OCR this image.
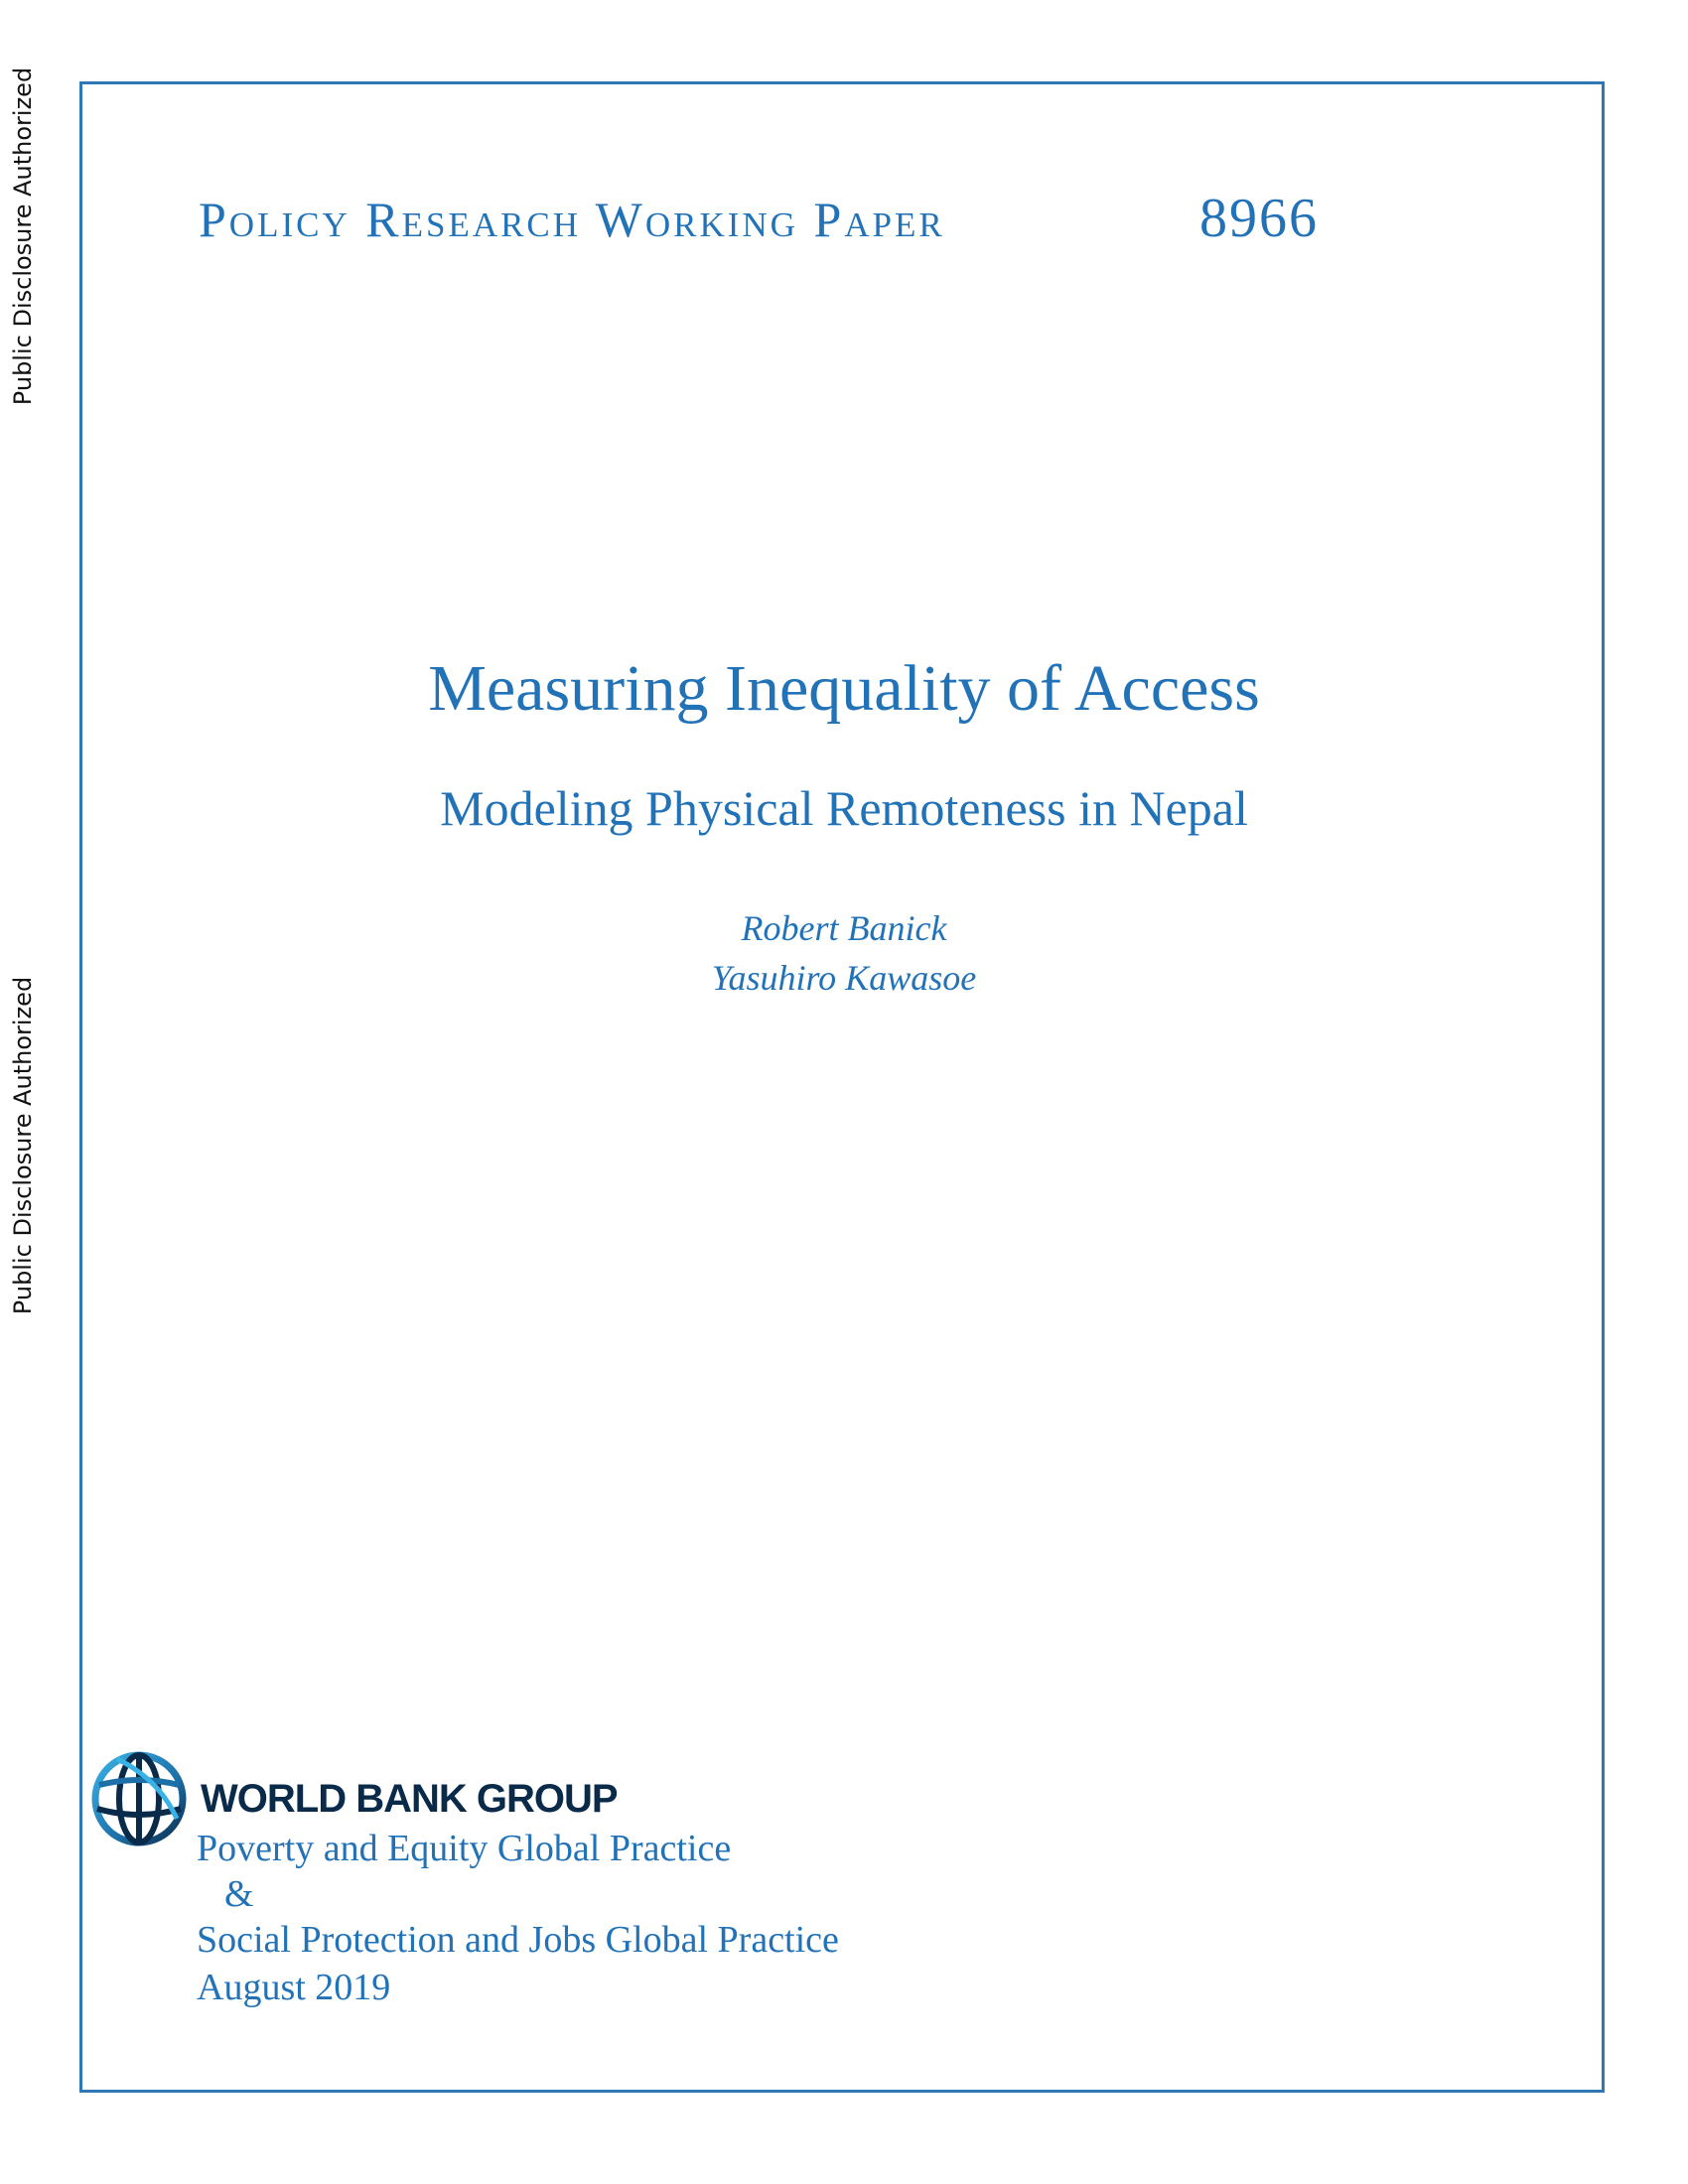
Public Disclosure Authorized
Public Disclosure Authorized
Policy Research Working Paper	8966
Measuring Inequality of Access
Modeling Physical Remoteness in Nepal
Robert Banick
Yasuhiro Kawasoe
WORLD BANK GROUP
Poverty and Equity Global Practice
&
Social Protection and Jobs Global Practice
August 2019
